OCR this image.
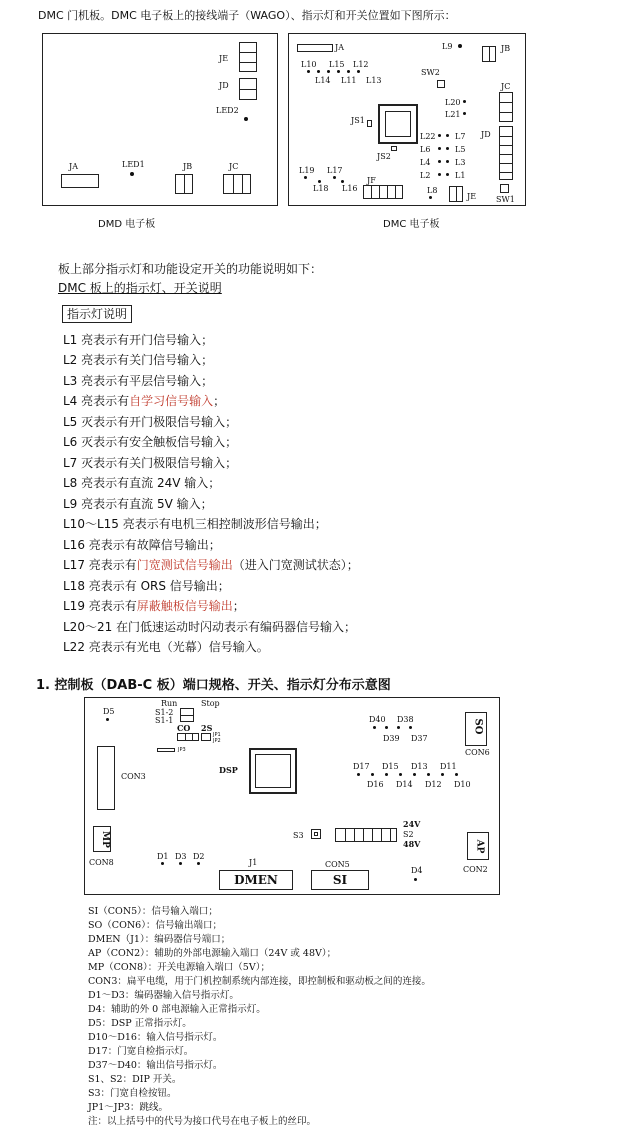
DMC 门机板。DMC 电子板上的接线端子（WAGO）、指示灯和开关位置如下图所示：
JE
JD
LED2
JA	LED1	JB	JC
DMD 电子板
JA	L9	JB
L10 L15 L12
L14 L11 L13
SW2
JC
L20
L21
JS1
JS2
L22 L7 JD
L6	L5
L4	L3
L2	L1
L19 L17
L18 L16
JF
L8
JE SW1
DMC 电子板
板上部分指示灯和功能设定开关的功能说明如下：
DMC 板上的指示灯、开关说明
指示灯说明
L1 亮表示有开门信号输入；
L2 亮表示有关门信号输入；
L3 亮表示有平层信号输入；
L4 亮表示有自学习信号输入；
L5 灭表示有开门极限信号输入；
L6 灭表示有安全触板信号输入；
L7 灭表示有关门极限信号输入；
L8 亮表示有直流 24V 输入；
L9 亮表示有直流 5V 输入；
L10～L15 亮表示有电机三相控制波形信号输出；
L16 亮表示有故障信号输出；
L17 亮表示有门宽测试信号输出（进入门宽测试状态）；
L18 亮表示有 ORS 信号输出；
L19 亮表示有屏蔽触板信号输出；
L20～21 在门低速运动时闪动表示有编码器信号输入；
L22 亮表示有光电（光幕）信号输入。
1. 控制板（DAB-C 板）端口规格、开关、指示灯分布示意图
Run	Stop
D5	S1-2
S1-1
CO 2S
JP1
JP2
JP3
D40 D38
D39 D37
SO
CON6
CON3
DSP	D17 D15 D13 D11
D16 D14 D12 D10
MP
CON8
S3
24V
S2
48V	AP
CON2
D1 D3 D2
J1
DMEN
CON5
SI
D4
SI（CON5）：信号输入端口；
SO（CON6）：信号输出端口；
DMEN（J1）：编码器信号端口；
AP（CON2）：辅助的外部电源输入端口（24V 或 48V）；
MP（CON8）：开关电源输入端口（5V）；
CON3：扁平电缆，用于门机控制系统内部连接，即控制板和驱动板之间的连接。
D1～D3：编码器输入信号指示灯。
D4：辅助的外 0 部电源输入正常指示灯。
D5：DSP 正常指示灯。
D10～D16：输入信号指示灯。
D17：门宽自检指示灯。
D37～D40：输出信号指示灯。
S1、S2：DIP 开关。
S3：门宽自检按钮。
JP1～JP3：跳线。
注：以上括号中的代号为接口代号在电子板上的丝印。
